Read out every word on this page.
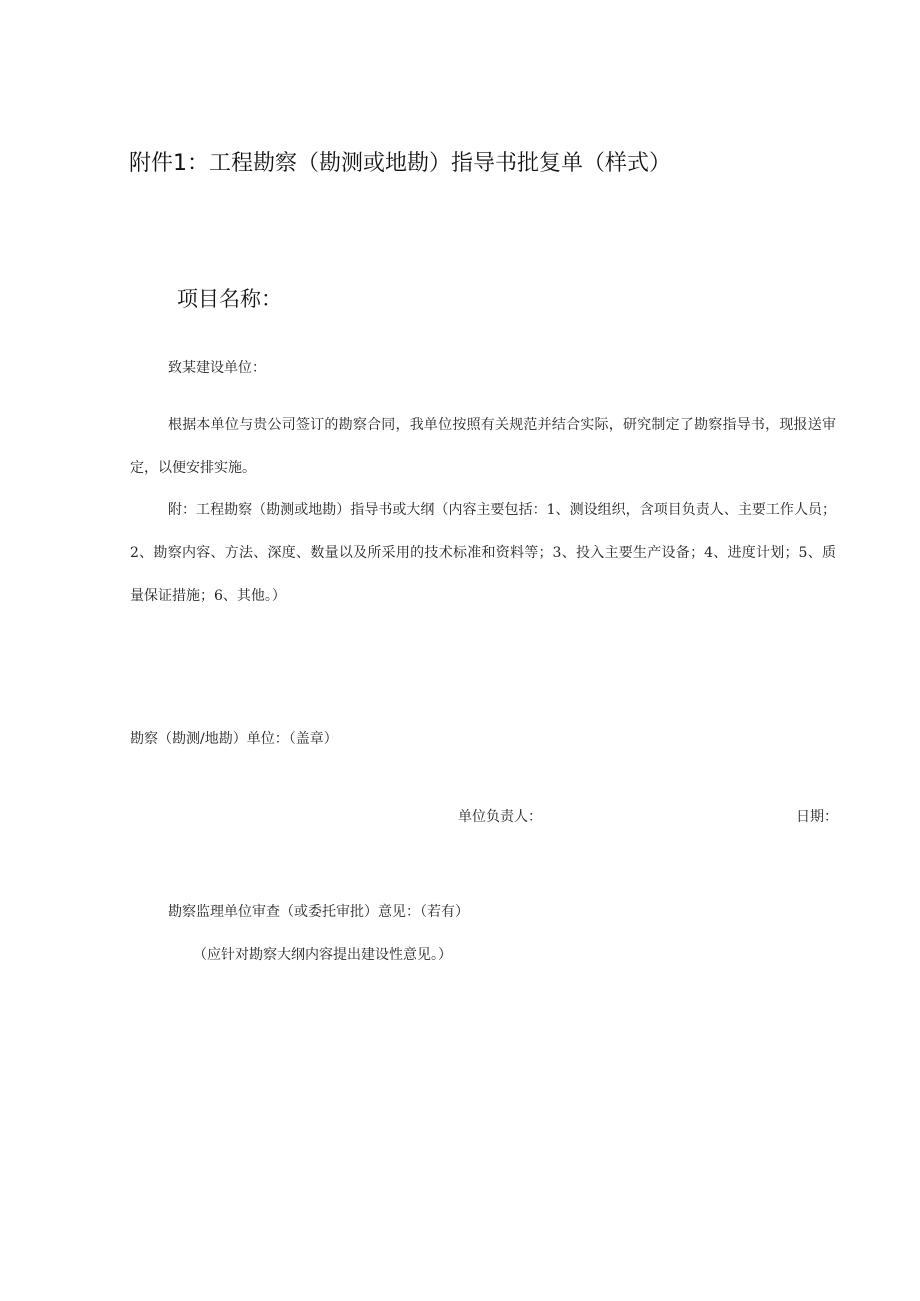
附件1：工程勘察（勘测或地勘）指导书批复单（样式）
项目名称：
致某建设单位：
根据本单位与贵公司签订的勘察合同，我单位按照有关规范并结合实际，研究制定了勘察指导书，现报送审定，以便安排实施。
附：工程勘察（勘测或地勘）指导书或大纲（内容主要包括：1、测设组织，含项目负责人、主要工作人员；2、勘察内容、方法、深度、数量以及所采用的技术标准和资料等；3、投入主要生产设备；4、进度计划；5、质量保证措施；6、其他。）
勘察（勘测/地勘）单位：（盖章）
单位负责人：	日期：
勘察监理单位审查（或委托审批）意见：（若有）
（应针对勘察大纲内容提出建设性意见。）
